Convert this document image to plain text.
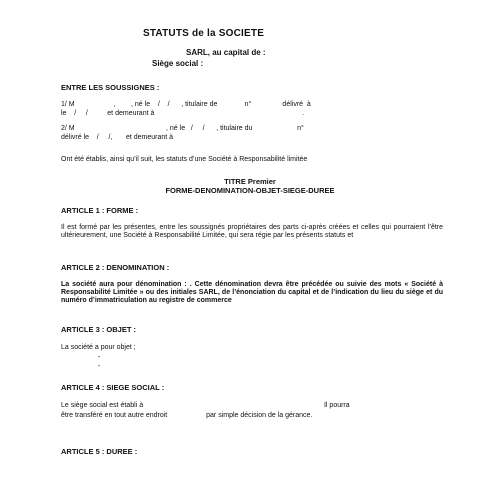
STATUTS de la SOCIETE
SARL, au capital de :
Siège social :
ENTRE LES SOUSSIGNES :
1/ M                    ,        , né le    /    /      , titulaire de              n°                délivré  à
le    /     /          et demeurant à                                                                            .
2/ M                                               , né le   /     /      , titulaire du                       n°
délivré le    /     /,       et demeurant à
Ont été établis, ainsi qu’il suit, les statuts d’une Société à Responsabilité limitée
TITRE Premier
FORME-DENOMINATION-OBJET-SIEGE-DUREE
ARTICLE 1 : FORME :
Il est formé par les présentes, entre les soussignés propriétaires des parts ci-après créées et celles qui pourraient l’être ultérieurement, une Société à Responsabilité Limitée, qui sera régie par les présents statuts et
ARTICLE 2 : DENOMINATION :
La société aura pour dénomination : . Cette dénomination devra être précédée ou suivie des mots « Société à Responsabilité Limitée » ou des initiales SARL, de l’énonciation du capital et de l’indication du lieu du siège et du numéro d’immatriculation au registre de commerce
ARTICLE 3 : OBJET :
La société a pour objet ;
-
-
ARTICLE 4 : SIEGE SOCIAL :
Le siège social est établi à                                                                                             Il pourra
être transféré en tout autre endroit                    par simple décision de la gérance.
ARTICLE 5 : DUREE :
